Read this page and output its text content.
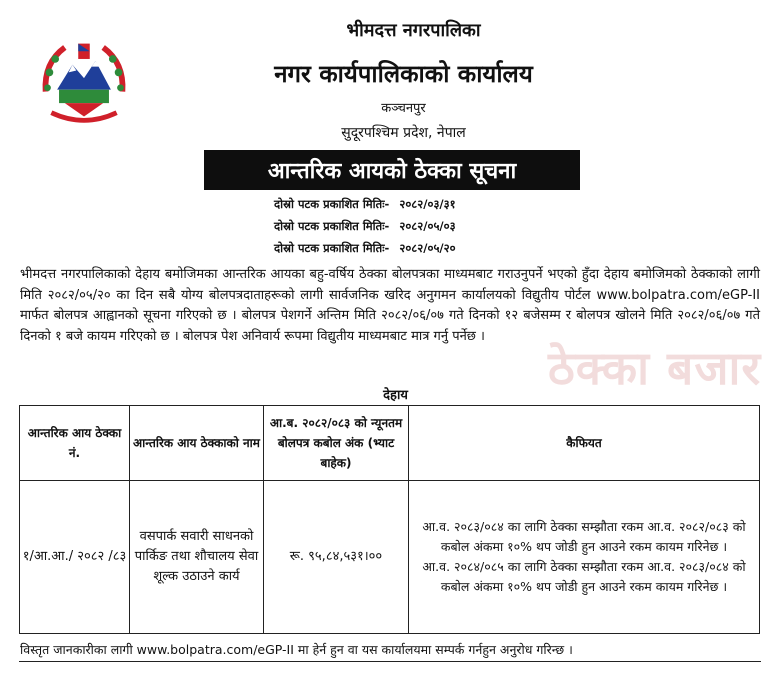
भीमदत्त नगरपालिका
नगर कार्यपालिकाको कार्यालय
कञ्चनपुर
सुदूरपश्चिम प्रदेश, नेपाल
आन्तरिक आयको ठेक्का सूचना
दोस्रो पटक प्रकाशित मितिः- २०८२/०३/३१
दोस्रो पटक प्रकाशित मितिः- २०८२/०५/०३
दोस्रो पटक प्रकाशित मितिः- २०८२/०५/२०
भीमदत्त नगरपालिकाको देहाय बमोजिमका आन्तरिक आयका बहु-वर्षिय ठेक्का बोलपत्रका माध्यमबाट गराउनुपर्ने भएको हुँदा देहाय बमोजिमको ठेक्काको लागी मिति २०८२/०५/२० का दिन सबै योग्य बोलपत्रदाताहरूको लागी सार्वजनिक खरिद अनुगमन कार्यालयको विद्युतीय पोर्टल www.bolpatra.com/eGP-II मार्फत बोलपत्र आह्वानको सूचना गरिएको छ । बोलपत्र पेशगर्ने अन्तिम मिति २०८२/०६/०७ गते दिनको १२ बजेसम्म र बोलपत्र खोलने मिति २०८२/०६/०७ गते दिनको १ बजे कायम गरिएको छ । बोलपत्र पेश अनिवार्य रूपमा विद्युतीय माध्यमबाट मात्र गर्नु पर्नेछ ।
ठेक्का बजार
देहाय
आन्तरिक आय ठेक्का नं.	आन्तरिक आय ठेक्काको नाम	आ.ब. २०८२/०८३ को न्यूनतम बोलपत्र कबोल अंक (भ्याट बाहेक)	कैफियत
१/आ.आ./ २०८२ /८३	वसपार्क सवारी साधनको पार्किङ तथा शौचालय सेवा शूल्क उठाउने कार्य	रू. ९५,८४,५३१।००	आ.व. २०८३/०८४ का लागि ठेक्का सम्झौता रकम आ.व. २०८२/०८३ को कबोल अंकमा १०% थप जोडी हुन आउने रकम कायम गरिनेछ ।
आ.व. २०८४/०८५ का लागि ठेक्का सम्झौता रकम आ.व. २०८३/०८४ को कबोल अंकमा १०% थप जोडी हुन आउने रकम कायम गरिनेछ ।
विस्तृत जानकारीका लागी www.bolpatra.com/eGP-II मा हेर्न हुन वा यस कार्यालयमा सम्पर्क गर्नहुन अनुरोध गरिन्छ ।
